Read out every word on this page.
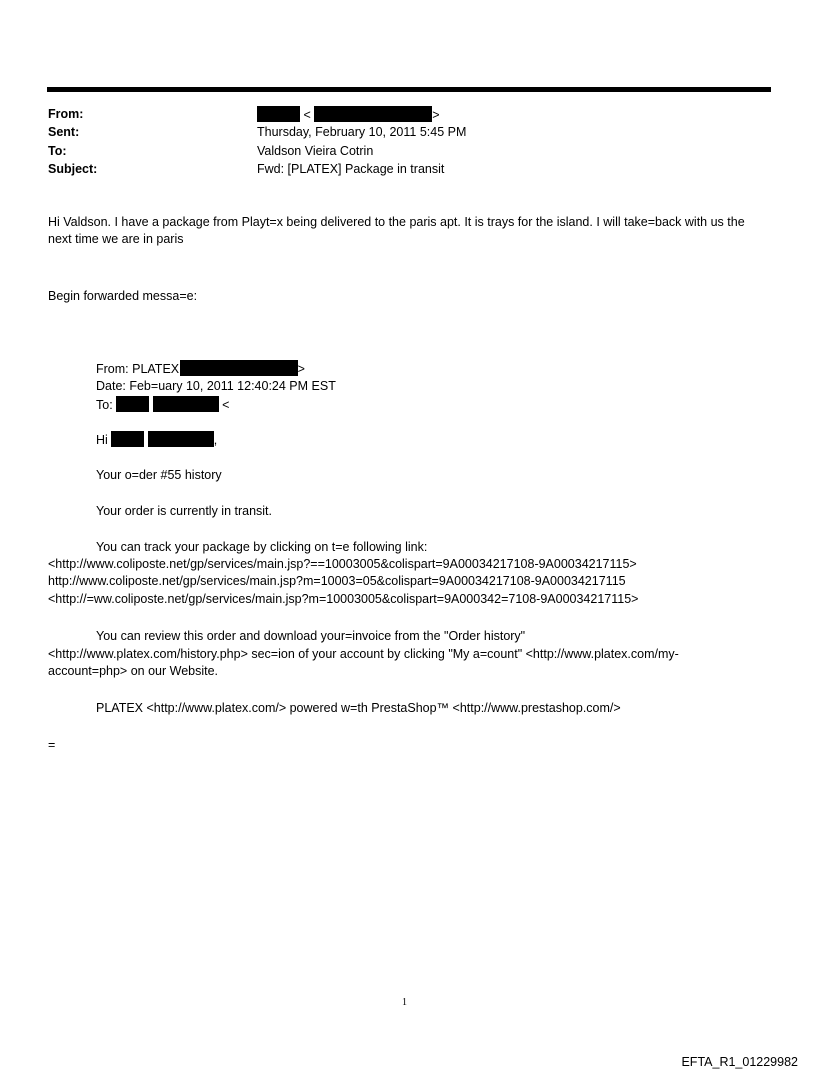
From:	<	>
Sent:	Thursday, February 10, 2011 5:45 PM
To:	Valdson Vieira Cotrin
Subject:	Fwd: [PLATEX] Package in transit
Hi Valdson. I have a package from Playt=x being delivered to the paris apt. It is trays for the island. I will take=back with us the next time we are in paris
Begin forwarded messa=e:
From: PLATEX	>
Date: Feb=uary 10, 2011 12:40:24 PM EST
To:	<
Hi	,
Your o=der #55 history
Your order is currently in transit.
You can track your package by clicking on t=e following link:
<http://www.coliposte.net/gp/services/main.jsp?==10003005&colispart=9A00034217108-9A00034217115>
http://www.coliposte.net/gp/services/main.jsp?m=10003=05&colispart=9A00034217108-9A00034217115
<http://=ww.coliposte.net/gp/services/main.jsp?m=10003005&colispart=9A000342=7108-9A00034217115>
You can review this order and download your=invoice from the "Order history"
<http://www.platex.com/history.php> sec=ion of your account by clicking "My a=count" <http://www.platex.com/my-
account=php> on our Website.
PLATEX <http://www.platex.com/> powered w=th PrestaShop™ <http://www.prestashop.com/>
=
1
EFTA_R1_01229982
